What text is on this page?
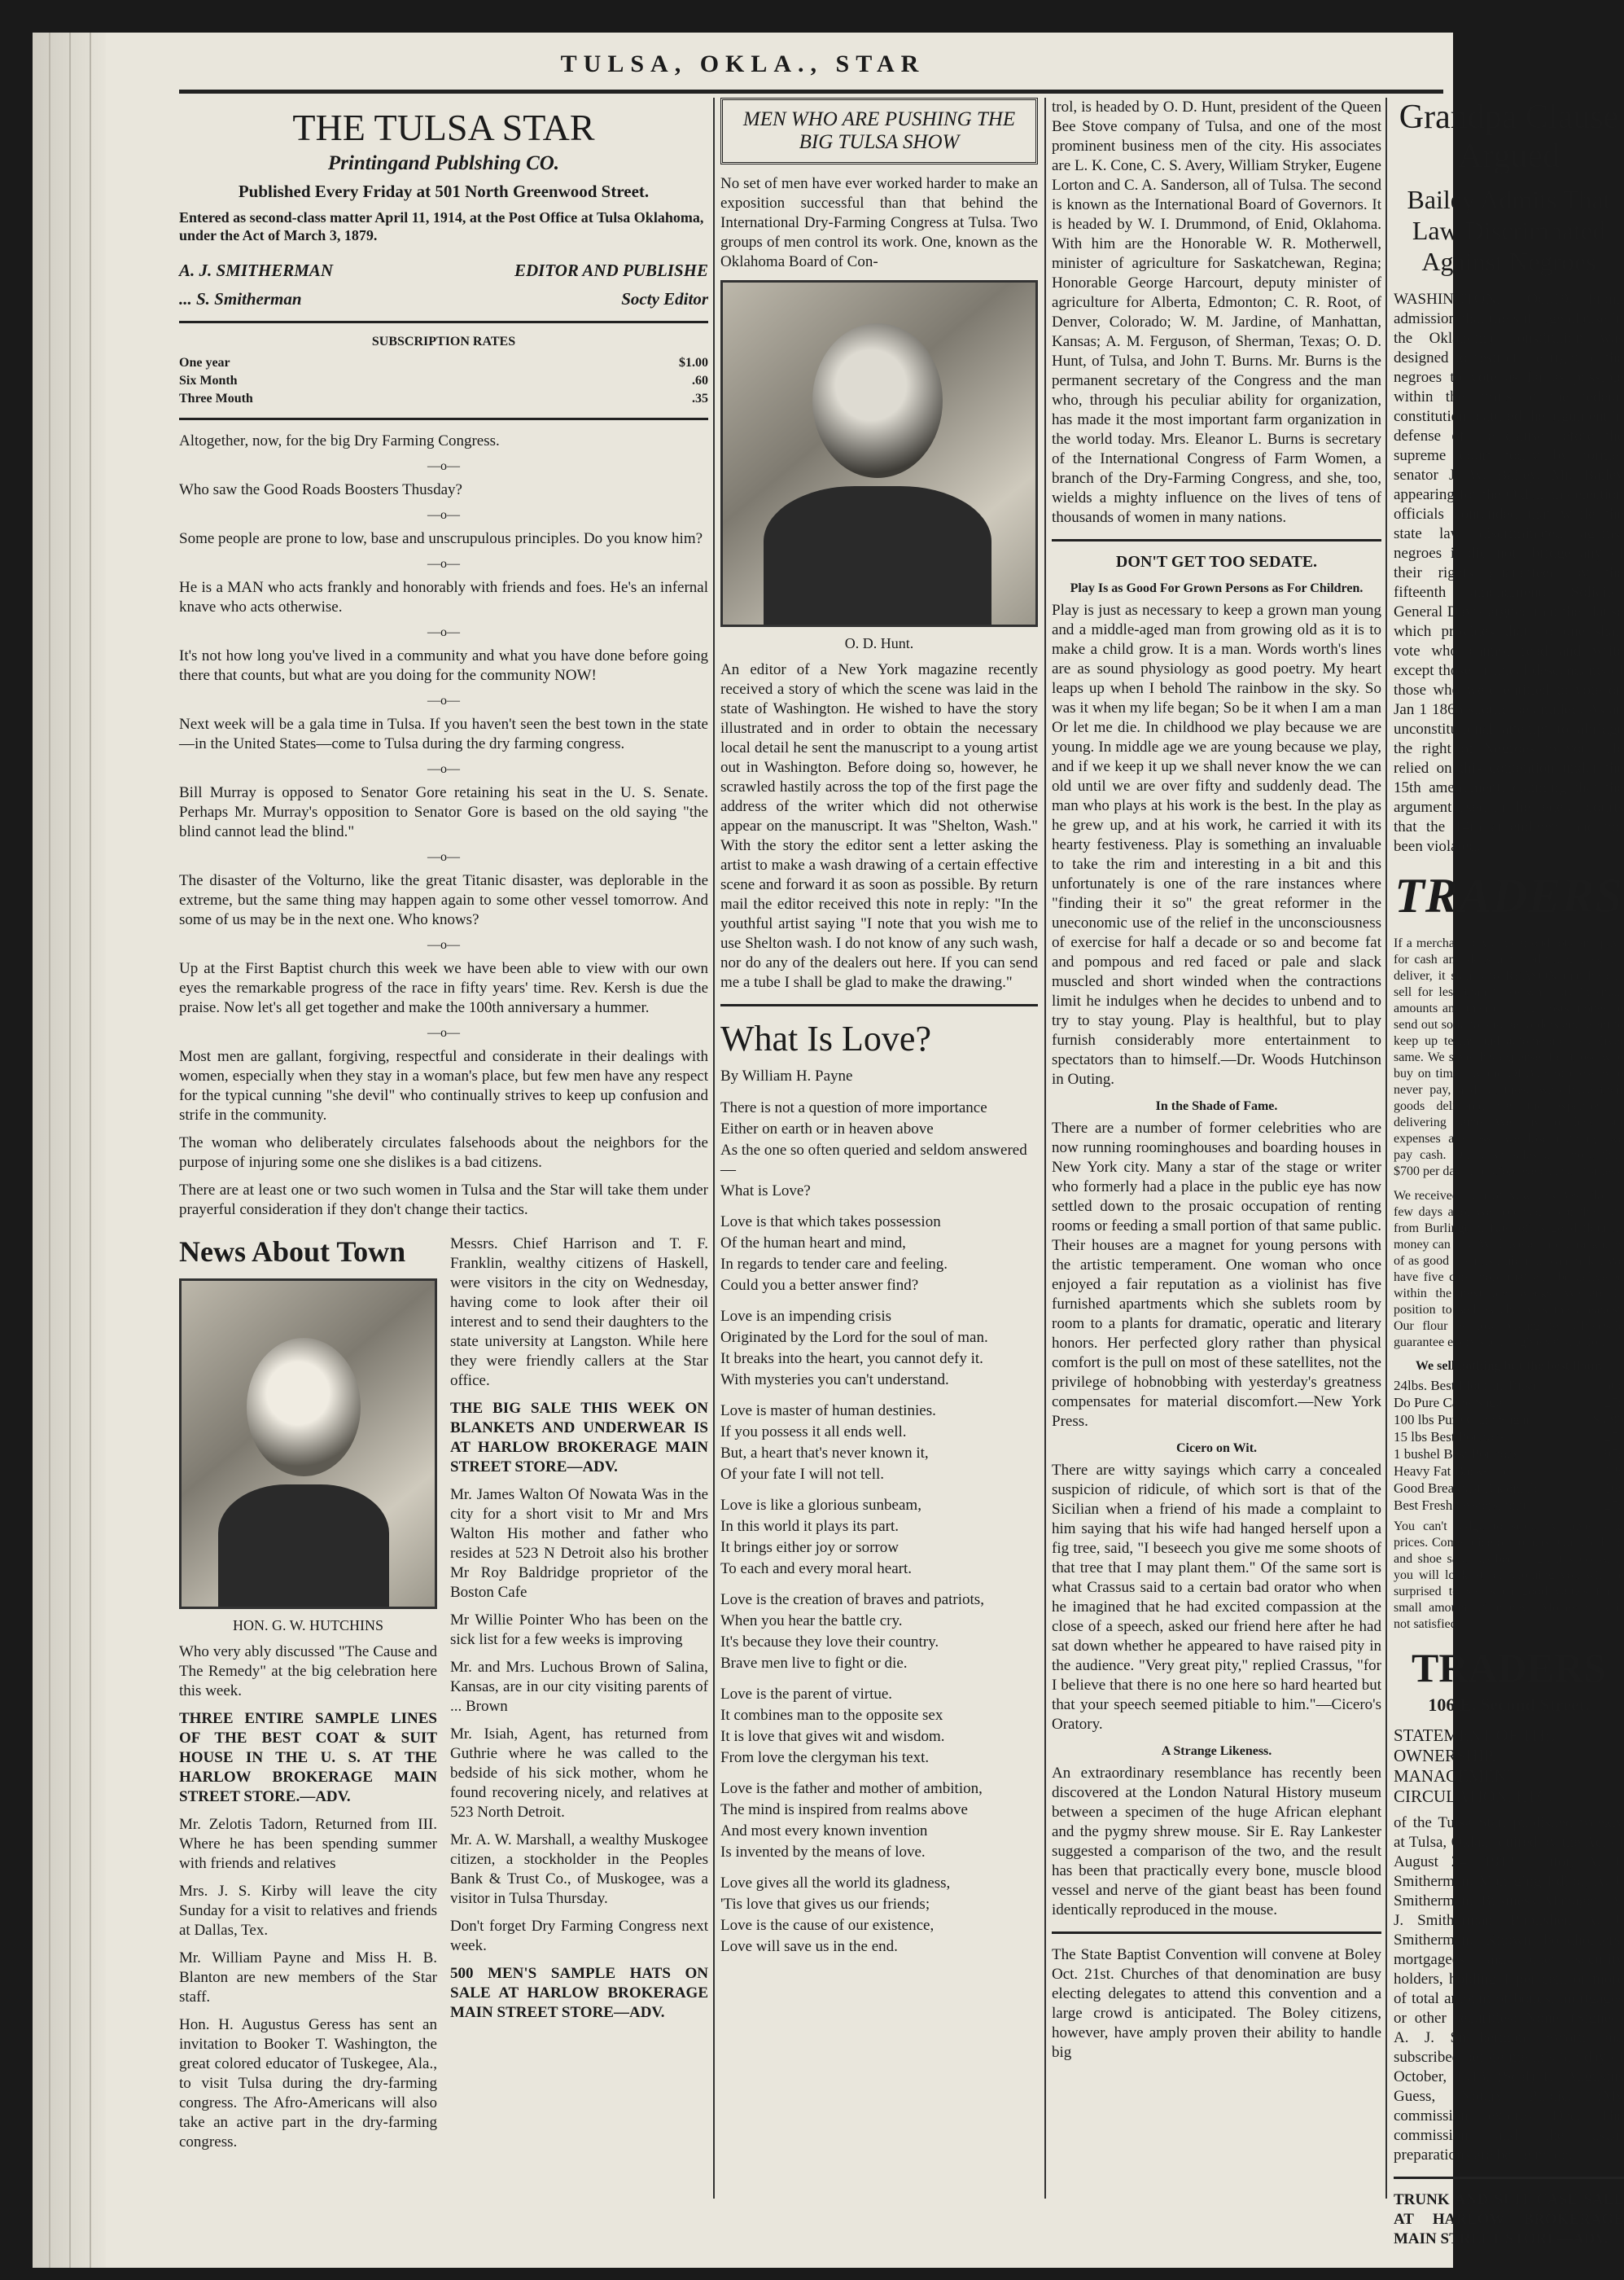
TULSA, OKLA., STAR
THE TULSA STAR
Printingand Publshing CO.
Published Every Friday at 501 North Greenwood Street.
Entered as second-class matter April 11, 1914, at the Post Office at Tulsa Oklahoma, under the Act of March 3, 1879.
A. J. SMITHERMAN	EDITOR AND PUBLISHE
... S. Smitherman	Socty Editor
SUBSCRIPTION RATES
One year	$1.00
Six Month	.60
Three Mouth	.35

Altogether, now, for the big Dry Farming Congress.

—o—

Who saw the Good Roads Boosters Thusday?

—o—

Some people are prone to low, base and unscrupulous principles. Do you know him?

—o—

He is a MAN who acts frankly and honorably with friends and foes. He's an infernal knave who acts otherwise.

—o—

It's not how long you've lived in a community and what you have done before going there that counts, but what are you doing for the community NOW!

—o—

Next week will be a gala time in Tulsa. If you haven't seen the best town in the state—in the United States—come to Tulsa during the dry farming congress.

—o—

Bill Murray is opposed to Senator Gore retaining his seat in the U. S. Senate. Perhaps Mr. Murray's opposition to Senator Gore is based on the old saying "the blind cannot lead the blind."

—o—

The disaster of the Volturno, like the great Titanic disaster, was deplorable in the extreme, but the same thing may happen again to some other vessel tomorrow. And some of us may be in the next one. Who knows?

—o—

Up at the First Baptist church this week we have been able to view with our own eyes the remarkable progress of the race in fifty years' time. Rev. Kersh is due the praise. Now let's all get together and make the 100th anniversary a hummer.

—o—

Most men are gallant, forgiving, respectful and considerate in their dealings with women, especially when they stay in a woman's place, but few men have any respect for the typical cunning "she devil" who continually strives to keep up confusion and strife in the community.

The woman who deliberately circulates falsehoods about the neighbors for the purpose of injuring some one she dislikes is a bad citizens.

There are at least one or two such women in Tulsa and the Star will take them under prayerful consideration if they don't change their tactics.

News About Town
HON. G. W. HUTCHINS

Who very ably discussed "The Cause and The Remedy" at the big celebration here this week.

THREE ENTIRE SAMPLE LINES OF THE BEST COAT & SUIT HOUSE IN THE U. S. AT THE HARLOW BROKERAGE MAIN STREET STORE.—ADV.

Mr. Zelotis Tadorn, Returned from III. Where he has been spending summer with friends and relatives

Mrs. J. S. Kirby will leave the city Sunday for a visit to relatives and friends at Dallas, Tex.

Mr. William Payne and Miss H. B. Blanton are new members of the Star staff.

Hon. H. Augustus Geress has sent an invitation to Booker T. Washington, the great colored educator of Tuskegee, Ala., to visit Tulsa during the dry-farming congress. The Afro-Americans will also take an active part in the dry-farming congress.

Messrs. Chief Harrison and T. F. Franklin, wealthy citizens of Haskell, were visitors in the city on Wednesday, having come to look after their oil interest and to send their daughters to the state university at Langston. While here they were friendly callers at the Star office.

THE BIG SALE THIS WEEK ON BLANKETS AND UNDERWEAR IS AT HARLOW BROKERAGE MAIN STREET STORE—ADV.

Mr. James Walton Of Nowata Was in the city for a short visit to Mr and Mrs Walton His mother and father who resides at 523 N Detroit also his brother Mr Roy Baldridge proprietor of the Boston Cafe

Mr Willie Pointer Who has been on the sick list for a few weeks is improving

Mr. and Mrs. Luchous Brown of Salina, Kansas, are in our city visiting parents of ... Brown

Mr. Isiah, Agent, has returned from Guthrie where he was called to the bedside of his sick mother, whom he found recovering nicely, and relatives at 523 North Detroit.

Mr. A. W. Marshall, a wealthy Muskogee citizen, a stockholder in the Peoples Bank & Trust Co., of Muskogee, was a visitor in Tulsa Thursday.

Don't forget Dry Farming Congress next week.

500 MEN'S SAMPLE HATS ON SALE AT HARLOW BROKERAGE MAIN STREET STORE—ADV.

MEN WHO ARE PUSHING THE BIG TULSA SHOW

No set of men have ever worked harder to make an exposition successful than that behind the International Dry-Farming Congress at Tulsa. Two groups of men control its work. One, known as the Oklahoma Board of Con-

O. D. Hunt.

An editor of a New York magazine recently received a story of which the scene was laid in the state of Washington. He wished to have the story illustrated and in order to obtain the necessary local detail he sent the manuscript to a young artist out in Washington. Before doing so, however, he scrawled hastily across the top of the first page the address of the writer which did not otherwise appear on the manuscript. It was "Shelton, Wash." With the story the editor sent a letter asking the artist to make a wash drawing of a certain effective scene and forward it as soon as possible. By return mail the editor received this note in reply: "In the youthful artist saying "I note that you wish me to use Shelton wash. I do not know of any such wash, nor do any of the dealers out here. If you can send me a tube I shall be glad to make the drawing."

What Is Love?
By William H. Payne

There is not a question of more importance

Either on earth or in heaven above

As the one so often queried and seldom answered—

What is Love?

Love is that which takes possession

Of the human heart and mind,

In regards to tender care and feeling.

Could you a better answer find?

Love is an impending crisis

Originated by the Lord for the soul of man.

It breaks into the heart, you cannot defy it.

With mysteries you can't understand.

Love is master of human destinies.

If you possess it all ends well.

But, a heart that's never known it,

Of your fate I will not tell.

Love is like a glorious sunbeam,

In this world it plays its part.

It brings either joy or sorrow

To each and every moral heart.

Love is the creation of braves and patriots,

When you hear the battle cry.

It's because they love their country.

Brave men live to fight or die.

Love is the parent of virtue.

It combines man to the opposite sex

It is love that gives wit and wisdom.

From love the clergyman his text.

Love is the father and mother of ambition,

The mind is inspired from realms above

And most every known invention

Is invented by the means of love.

Love gives all the world its gladness,

'Tis love that gives us our friends;

Love is the cause of our existence,

Love will save us in the end.

trol, is headed by O. D. Hunt, president of the Queen Bee Stove company of Tulsa, and one of the most prominent business men of the city. His associates are L. K. Cone, C. S. Avery, William Stryker, Eugene Lorton and C. A. Sanderson, all of Tulsa. The second is known as the International Board of Governors. It is headed by W. I. Drummond, of Enid, Oklahoma. With him are the Honorable W. R. Motherwell, minister of agriculture for Saskatchewan, Regina; Honorable George Harcourt, deputy minister of agriculture for Alberta, Edmonton; C. R. Root, of Denver, Colorado; W. M. Jardine, of Manhattan, Kansas; A. M. Ferguson, of Sherman, Texas; O. D. Hunt, of Tulsa, and John T. Burns. Mr. Burns is the permanent secretary of the Congress and the man who, through his peculiar ability for organization, has made it the most important farm organization in the world today. Mrs. Eleanor L. Burns is secretary of the International Congress of Farm Women, a branch of the Dry-Farming Congress, and she, too, wields a mighty influence on the lives of tens of thousands of women in many nations.

DON'T GET TOO SEDATE.
Play Is as Good For Grown Persons as For Children.

Play is just as necessary to keep a grown man young and a middle-aged man from growing old as it is to make a child grow. It is a man. Words worth's lines are as sound physiology as good poetry. My heart leaps up when I behold The rainbow in the sky. So was it when my life began; So be it when I am a man Or let me die. In childhood we play because we are young. In middle age we are young because we play, and if we keep it up we shall never know the we can old until we are over fifty and suddenly dead. The man who plays at his work is the best. In the play as he grew up, and at his work, he carried it with its hearty festiveness. Play is something an invaluable to take the rim and interesting in a bit and this unfortunately is one of the rare instances where "finding their it so" the great reformer in the uneconomic use of the relief in the unconsciousness of exercise for half a decade or so and become fat and pompous and red faced or pale and slack muscled and short winded when the contractions limit he indulges when he decides to unbend and to try to stay young. Play is healthful, but to play furnish considerably more entertainment to spectators than to himself.—Dr. Woods Hutchinson in Outing.

In the Shade of Fame.

There are a number of former celebrities who are now running roominghouses and boarding houses in New York city. Many a star of the stage or writer who formerly had a place in the public eye has now settled down to the prosaic occupation of renting rooms or feeding a small portion of that same public. Their houses are a magnet for young persons with the artistic temperament. One woman who once enjoyed a fair reputation as a violinist has five furnished apartments which she sublets room by room to a plants for dramatic, operatic and literary honors. Her perfected glory rather than physical comfort is the pull on most of these satellites, not the privilege of hobnobbing with yesterday's greatness compensates for material discomfort.—New York Press.

Cicero on Wit.

There are witty sayings which carry a concealed suspicion of ridicule, of which sort is that of the Sicilian when a friend of his made a complaint to him saying that his wife had hanged herself upon a fig tree, said, "I beseech you give me some shoots of that tree that I may plant them." Of the same sort is what Crassus said to a certain bad orator who when he imagined that he had excited compassion at the close of a speech, asked our friend here after he had sat down whether he appeared to have raised pity in the audience. "Very great pity," replied Crassus, "for I believe that there is no one here so hard hearted but that your speech seemed pitiable to him."—Cicero's Oratory.

A Strange Likeness.

An extraordinary resemblance has recently been discovered at the London Natural History museum between a specimen of the huge African elephant and the pygmy shrew mouse. Sir E. Ray Lankester suggested a comparison of the two, and the result has been that practically every bone, muscle blood vessel and nerve of the giant beast has been found identically reproduced in the mouse.

The State Baptist Convention will convene at Boley Oct. 21st. Churches of that denomination are busy electing delegates to attend this convention and a large crowd is anticipated. The Boley citizens, however, have amply proven their ability to handle big

Grandpa Clause Argued
Bailey Admits That Law Discrimnated Against Negroes

WASHINGTON, Oct.19.—Frank admission that the suffrage clause in the Oklahoma constitution was designed to restrict the right of the negroes to vote as far as possible within the limits of the federal constitution featured the argument in defense of the clause before the supreme court today by former senator J. W. Bailey. Mr. Bailey appearing for the Oklahoma election officials contended that while the state law discriminated against negroes it did not abridge any of their rights guaranteed by the fifteenth amendment. Solicitor General Davis argued that the clause which provides that no one shall vote who cannot read and write except those or lineal descendants of those who were entitled to vote on Jan 1 1866 should be anulled. As an unconstitutional attempt to abridge the right of Negroes to vote. He relied on this contention under the 15th amendment, claiming that the argument used in the federal courts that the 14th amendment had not been violated.

TRADERS

If a merchant buys in carload lots and pays for cash and does not credit and does not deliver, it stands to REASON that he can sell for less than those who buy in small amounts and then credit. It costs money to send out solicitors to get orders and want to keep up teams and automobile to deliver same. We save this expense. Let those who buy on time pay the DEBTS of those who never pay, and let those who have their goods delivered pay the expenses of delivering same. We buy for less—our expenses are less—we lose nothing—we pay cash. Our cash sales are more than $700 per day. Therefore we can sell for less.

We received a car of Newton's Best Flour a few days ago. We received a car the 15th from Burlington, Kas. of as good flour as money can buy. We have a car on track now of as good flour as Enid mill can make. We have five cars more that will be delivered within the next few weeks. We are in position to sell as cheap as the cheapest. Our flour is now paying for wholesale guarantee every sack to give satisfaction.

We sell nothing but the best flour.
24lbs. Best Flour in Tulsa	60c
Do Pure Cane Sugar	25c
100 lbs Pure Cane Sugar	$4.90
15 lbs Best Potatoes	25c
1 bushel Best Potatoes	95c
Heavy Fat Backs, lb	12c
Good Breakfast Bacon, lb	16c
Best Fresh Oysters, pint	25c

You can't judge to store by advertising prices. Come price our others. Our clothing and shoe sale has been a great success. If you will look at our clothing you will be surprised to see such good values for a small amount of money—Money back if not satisfied

TRADERS
106 E. Second Street.
STATEMENT OF THE OWNERSHIP, MANAGEMENT, CIRCULATION, ETC.

of the Tulsa Star, published weekly at Tulsa, Okla., reuired by the Act of August 24, 1912: Editor, A. J. Smitherman. Managing Editor, A. J. Smitherman. Business Manager, A. J. Smitherman. Publisher, A. J. Smitherman. Known bondholders, mortgagees and other security holders, holding 1 per cent or more of total amount of bonds, mortgages or other securities: None. (Signed) A. J. Smitherman. Sworn and subscribed before me this 6th day of October, 1913. (Seal) H. Augustus Guess, Notary Public. (My commission expires Dec. The commission and the usual preparations are being made.

TRUNK AND SUIT CASE SALE AT HARLOW BROKERAGE MAIN STREET STORE—ADV.
